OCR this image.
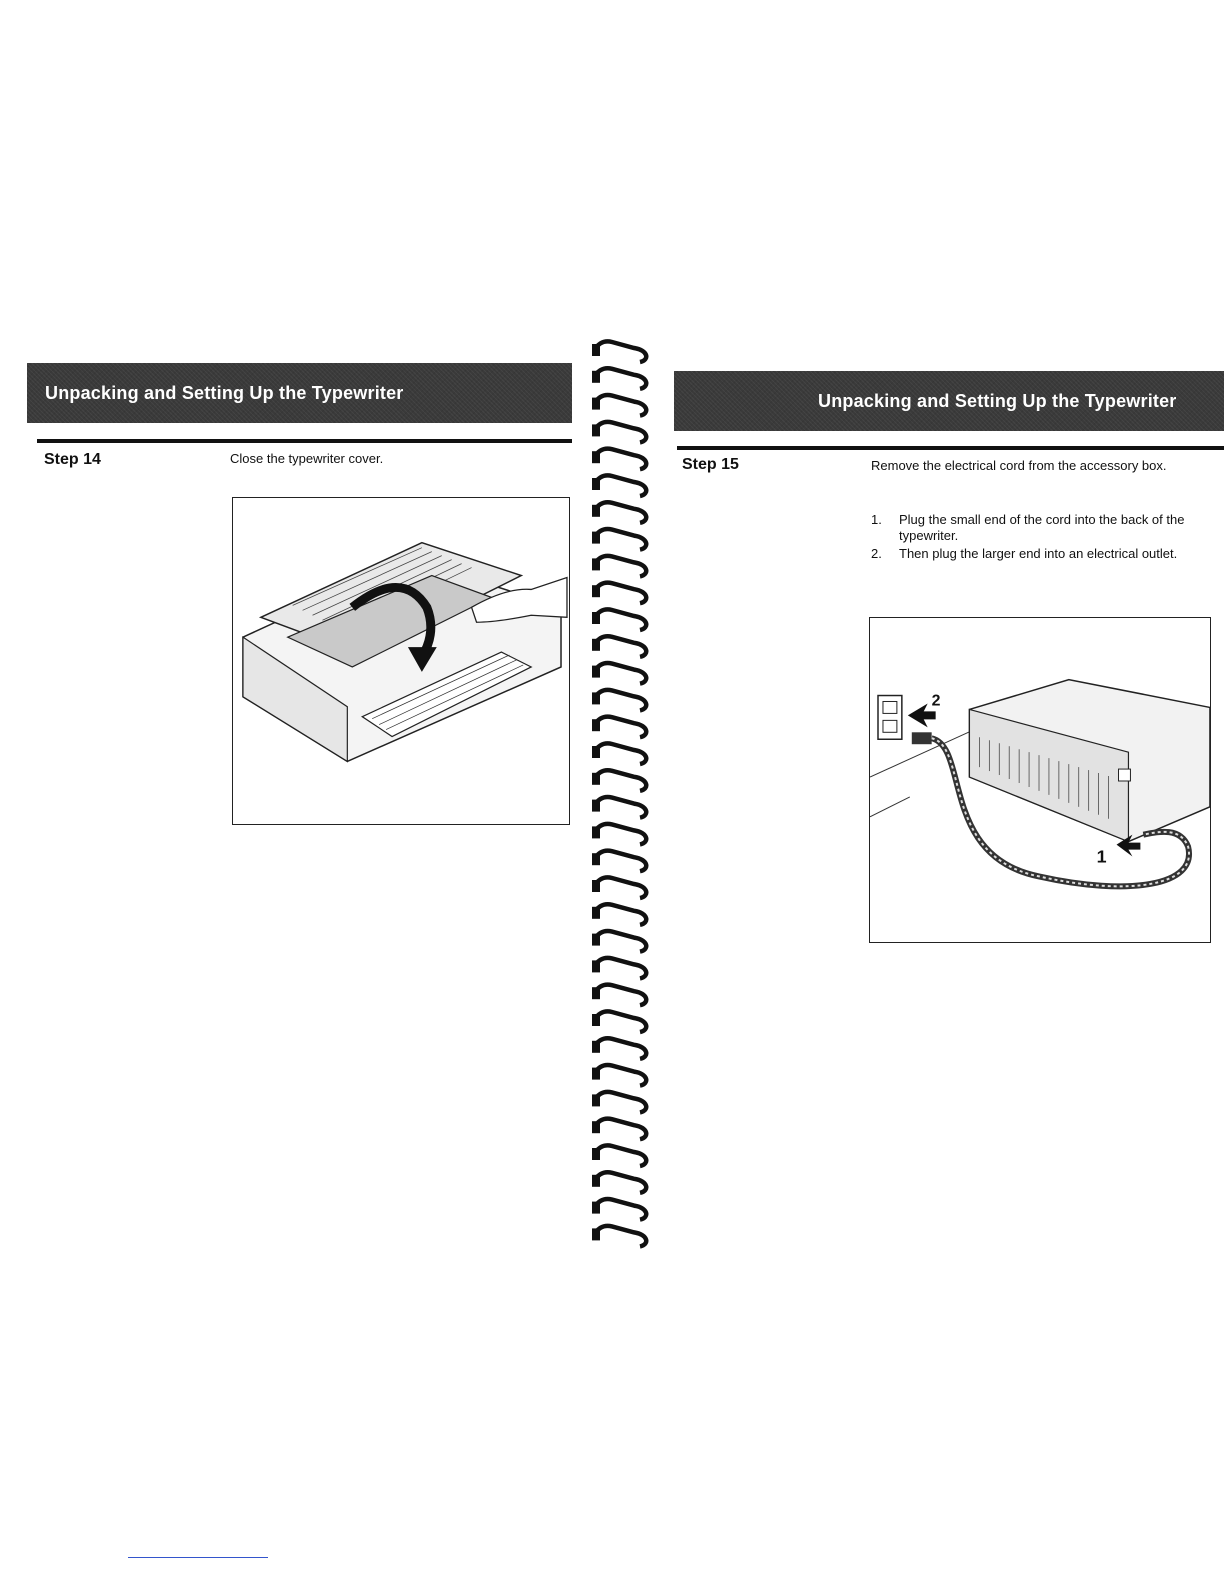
Unpacking and Setting Up the Typewriter
Step 14	Close the typewriter cover.
Unpacking and Setting Up the Typewriter
Step 15	Remove the electrical cord from the accessory box.
1.	Plug the small end of the cord into the back of the typewriter.
2.	Then plug the larger end into an electrical outlet.
2
1
